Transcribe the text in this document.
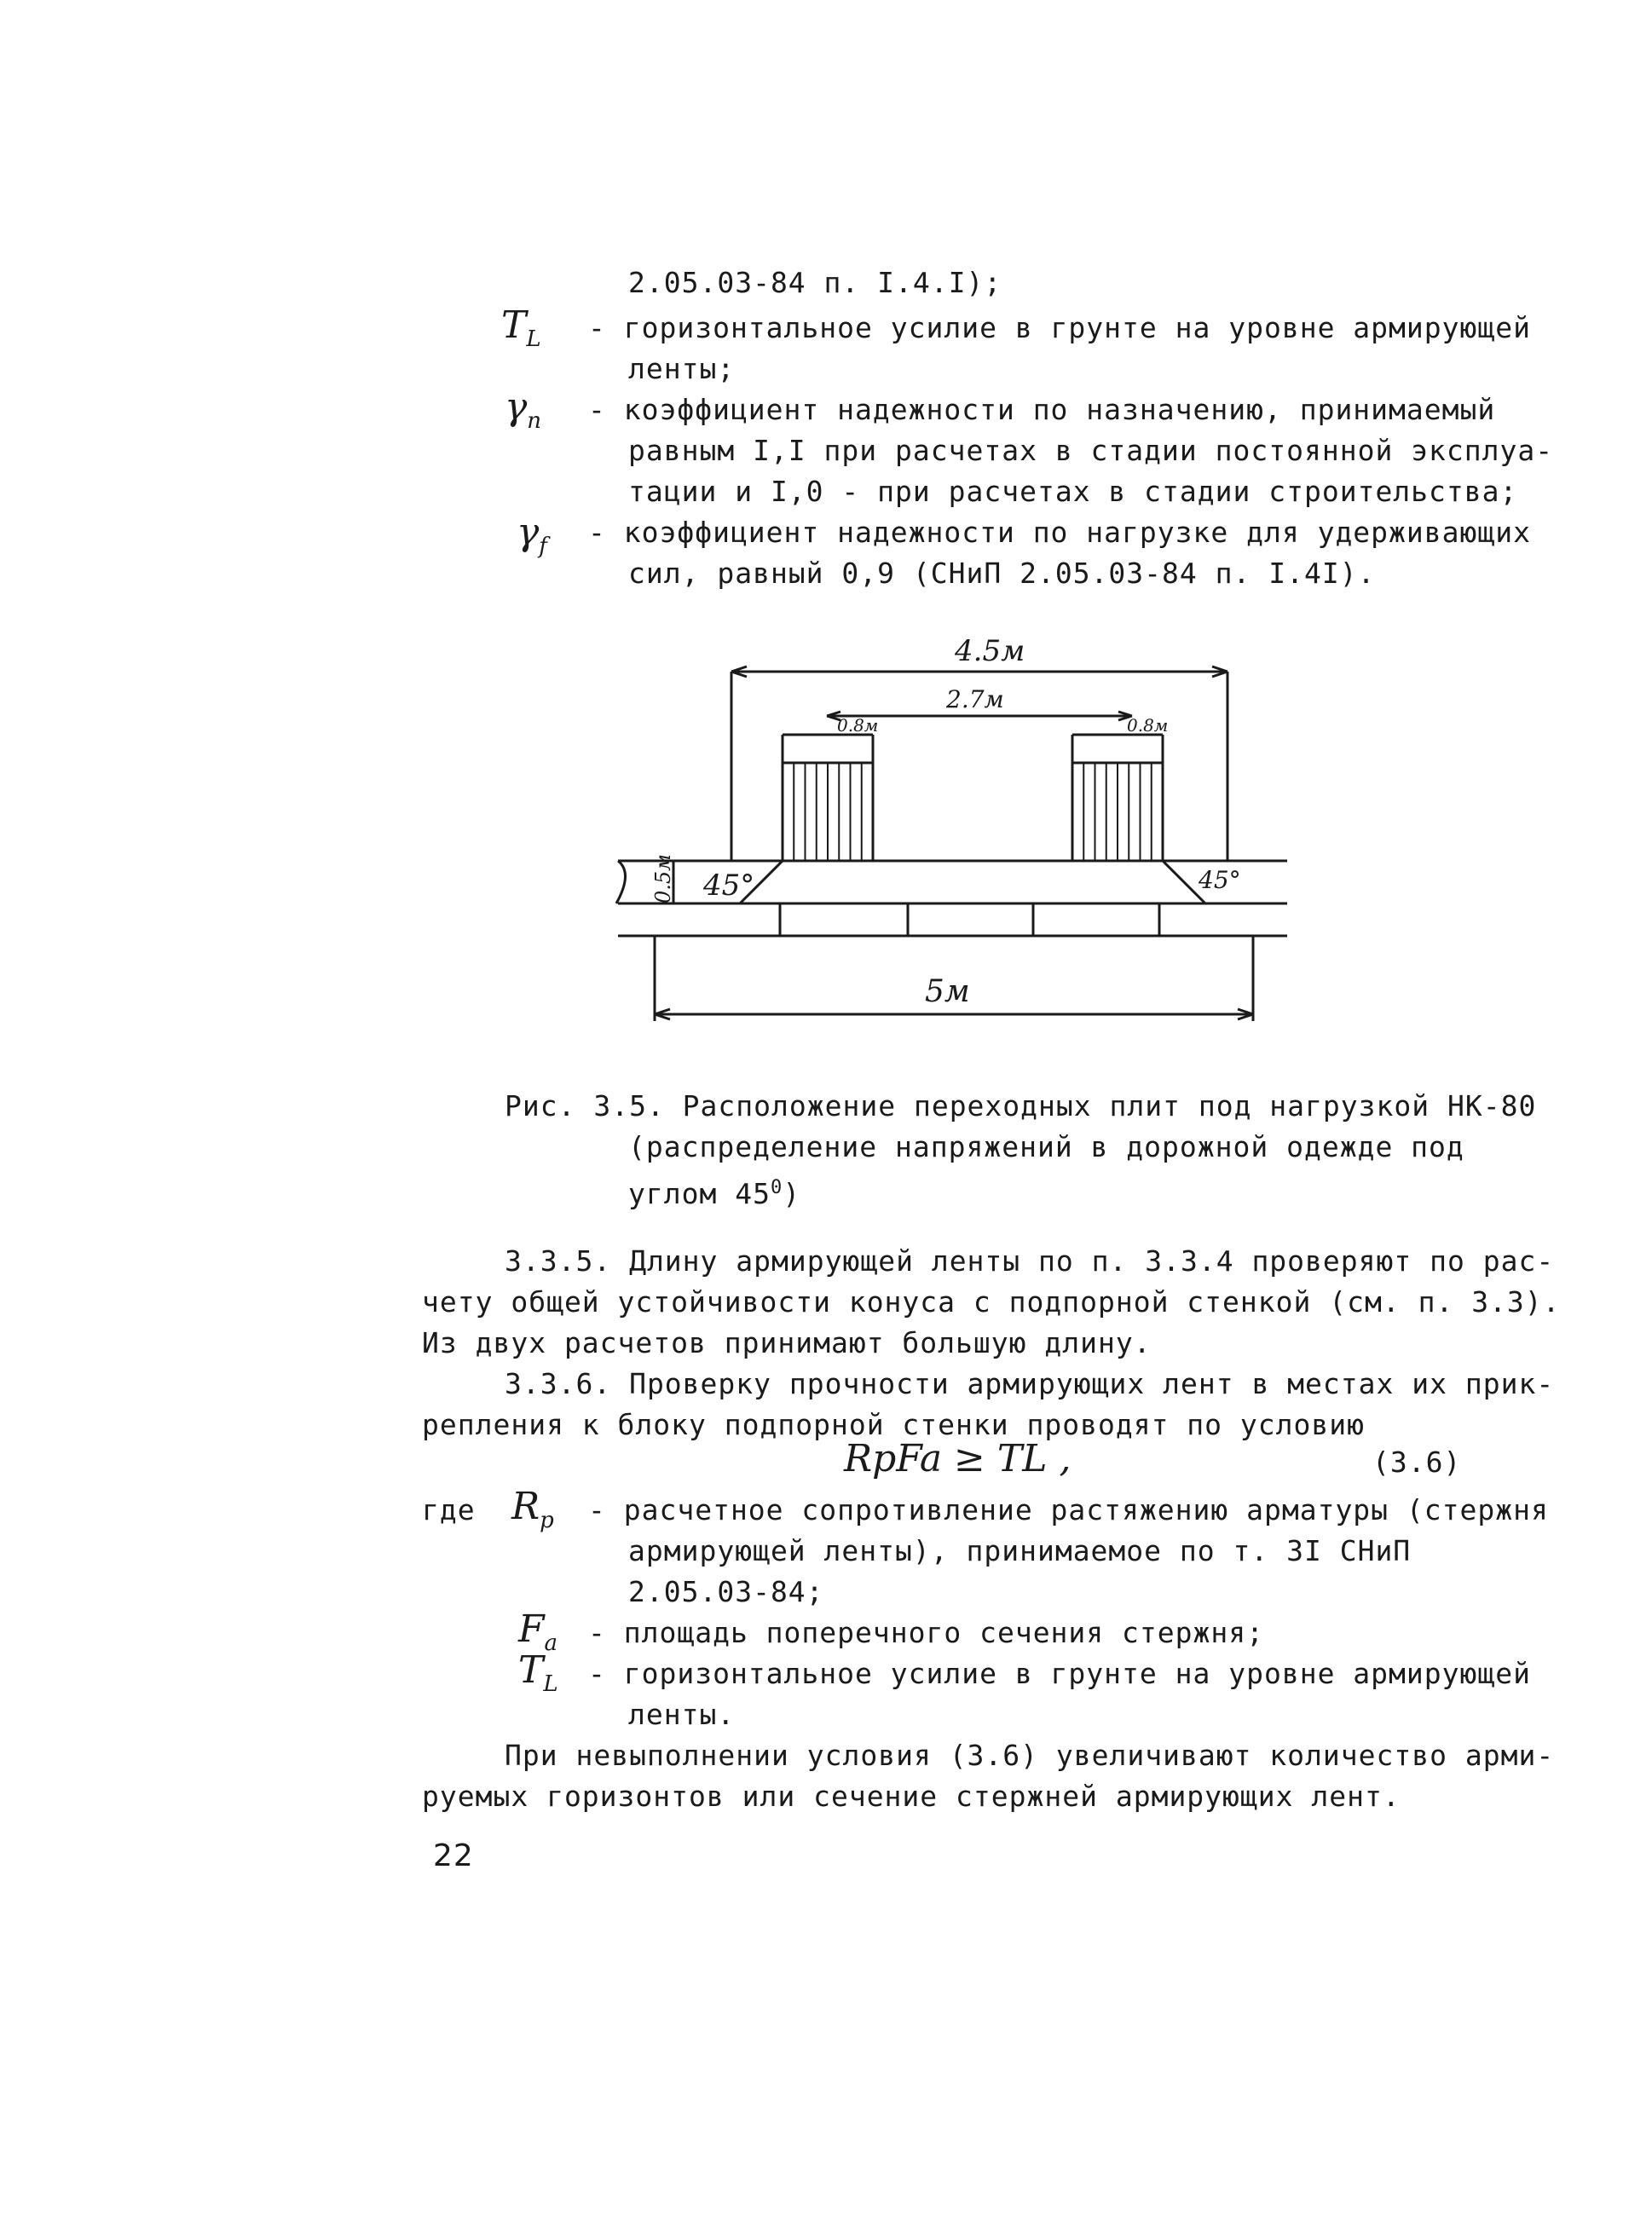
2.05.03-84 п. I.4.I);
$T_L$ - горизонтальное усилие в грунте на уровне армирующей
ленты;
$\gamma_n$ - коэффициент надежности по назначению, принимаемый
равным I,I при расчетах в стадии постоянной эксплуа-
тации и I,0 - при расчетах в стадии строительства;
$\gamma_f$ - коэффициент надежности по нагрузке для удерживающих
сил, равный 0,9 (СНиП 2.05.03-84 п. I.4I).
4.5м
2.7м
0.8м	0.8м
0.5м 45°	45°
5м
Рис. 3.5. Расположение переходных плит под нагрузкой НК-80
(распределение напряжений в дорожной одежде под
углом $45^0$)
3.3.5. Длину армирующей ленты по п. 3.3.4 проверяют по рас-
чету общей устойчивости конуса с подпорной стенкой (см. п. 3.3).
Из двух расчетов принимают большую длину.
3.3.6. Проверку прочности армирующих лент в местах их прик-
репления к блоку подпорной стенки проводят по условию
RpFa ≥ TL ,	(3.6)
где $R_p$ - расчетное сопротивление растяжению арматуры (стержня
армирующей ленты), принимаемое по т. 3I СНиП
2.05.03-84;
$F_a$ - площадь поперечного сечения стержня;
$T_L$ - горизонтальное усилие в грунте на уровне армирующей
ленты.
При невыполнении условия (3.6) увеличивают количество арми-
руемых горизонтов или сечение стержней армирующих лент.
22
